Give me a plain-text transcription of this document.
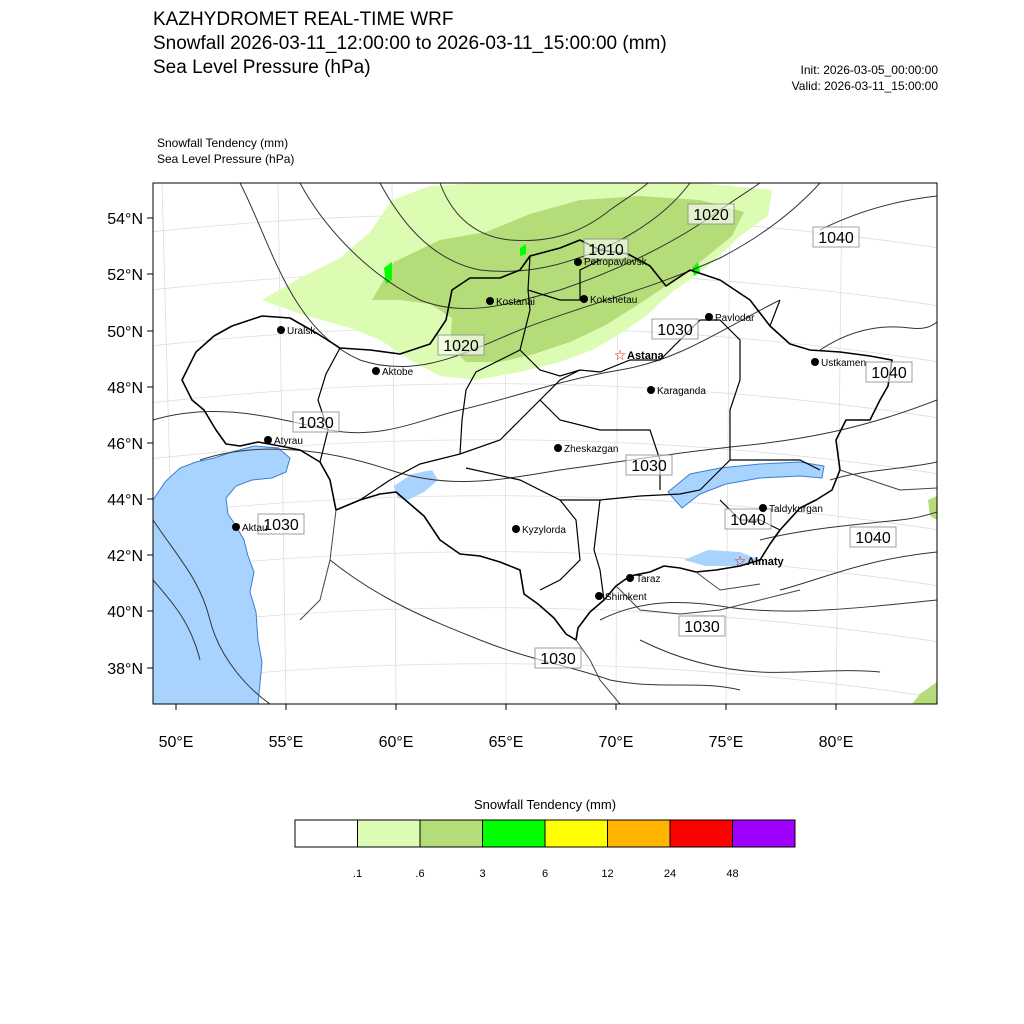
KAZHYDROMET REAL-TIME WRF
Snowfall 2026-03-11_12:00:00 to 2026-03-11_15:00:00 (mm)
Sea Level Pressure (hPa)	Init: 2026-03-05_00:00:00
Valid: 2026-03-11_15:00:00
Snowfall Tendency (mm)
Sea Level Pressure (hPa)
1010
1020
1020
1030
1030
1030
1030
1030
1030
1040
1040
1040
1040
Petropavlovsk
Kostanai	Kokshetau
Uralsk
Pavlodar
Aktobe
Ustkamen
Karaganda
Atyrau
Zheskazgan
Taldykurgan
Aktau	Kyzylorda
Taraz
Shimkent
☆ Astana
☆ Almaty
54°N
52°N
50°N
48°N
46°N
44°N
42°N
40°N
38°N
50°E	55°E	60°E	65°E	70°E	75°E	80°E
Snowfall Tendency (mm)
.1	.6	3	6	12	24	48
